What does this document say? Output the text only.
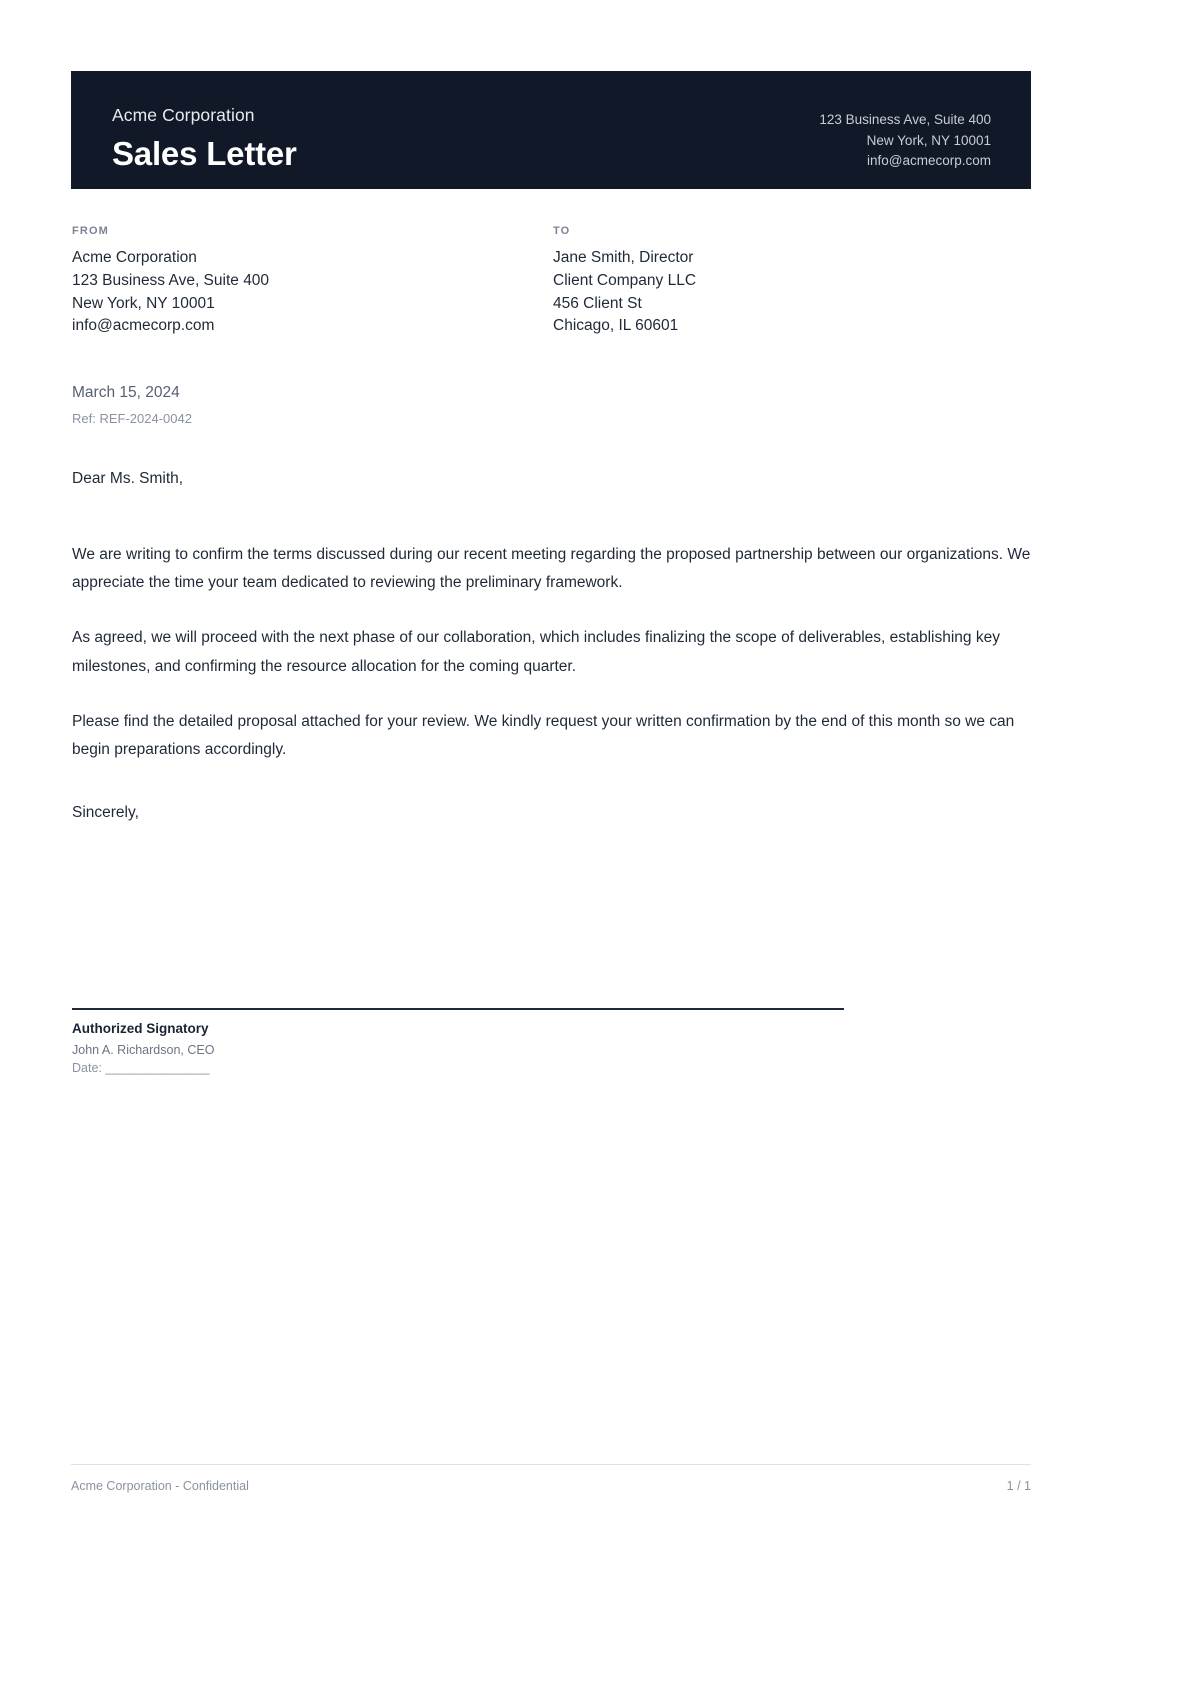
Acme Corporation
Sales Letter
123 Business Ave, Suite 400
New York, NY 10001
info@acmecorp.com
FROM
Acme Corporation
123 Business Ave, Suite 400
New York, NY 10001
info@acmecorp.com
TO
Jane Smith, Director
Client Company LLC
456 Client St
Chicago, IL 60601
March 15, 2024
Ref: REF-2024-0042
Dear Ms. Smith,

We are writing to confirm the terms discussed during our recent meeting regarding the proposed partnership between our organizations. We appreciate the time your team dedicated to reviewing the preliminary framework.

As agreed, we will proceed with the next phase of our collaboration, which includes finalizing the scope of deliverables, establishing key milestones, and confirming the resource allocation for the coming quarter.

Please find the detailed proposal attached for your review. We kindly request your written confirmation by the end of this month so we can begin preparations accordingly.

Sincerely,
Authorized Signatory
John A. Richardson, CEO
Date: _______________
Acme Corporation - Confidential	1 / 1
